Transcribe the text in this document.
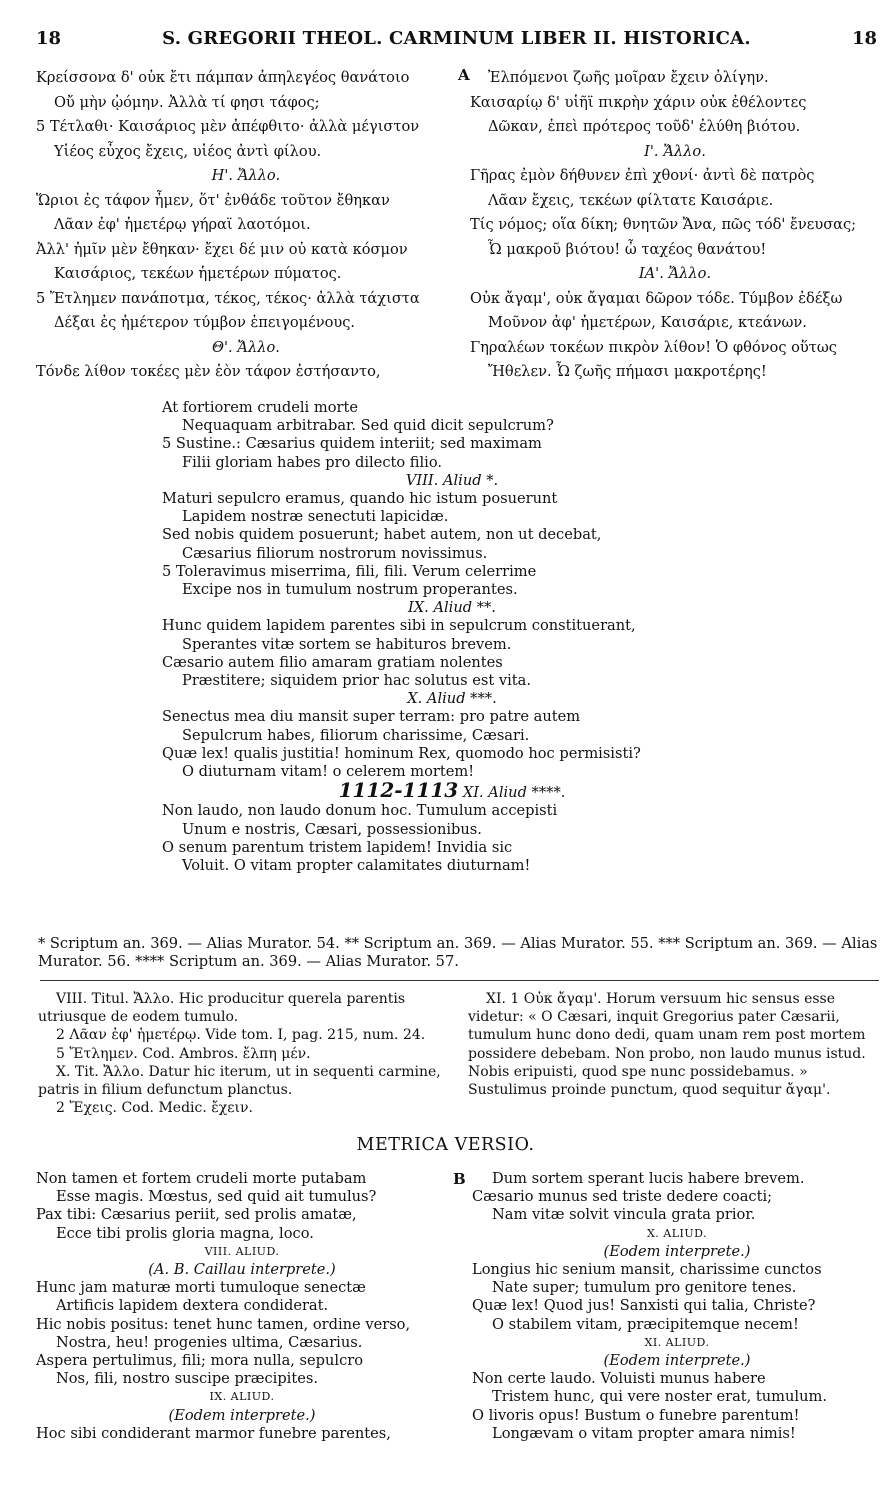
18	S. GREGORII THEOL. CARMINUM LIBER II. HISTORICA.	18
Κρείσσονα δ' οὐκ ἔτι πάμπαν ἀπηλεγέος θανάτοιο
Οὔ μὴν ᾠόμην. Ἀλλὰ τί φησι τάφος;
5 Τέτλαθι· Καισάριος μὲν ἀπέφθιτο· ἀλλὰ μέγιστον
Υἱέος εὖχος ἔχεις, υἱέος ἀντὶ φίλου.
Η'. Ἄλλο.
Ὥριοι ἐς τάφον ἦμεν, ὅτ' ἐνθάδε τοῦτον ἔθηκαν
Λᾶαν ἐφ' ἡμετέρῳ γήραϊ λαοτόμοι.
Ἀλλ' ἡμῖν μὲν ἔθηκαν· ἔχει δέ μιν οὐ κατὰ κόσμον
Καισάριος, τεκέων ἡμετέρων πύματος.
5 Ἔτλημεν πανάποτμα, τέκος, τέκος· ἀλλὰ τάχιστα
Δέξαι ἐς ἡμέτερον τύμβον ἐπειγομένους.
Θ'. Ἄλλο.
Τόνδε λίθον τοκέες μὲν ἑὸν τάφον ἐστήσαντο,
A	Ἐλπόμενοι ζωῆς μοῖραν ἔχειν ὀλίγην.
Καισαρίῳ δ' υἱῆϊ πικρὴν χάριν οὐκ ἐθέλοντες
Δῶκαν, ἐπεὶ πρότερος τοῦδ' ἐλύθη βιότου.
Ι'. Ἄλλο.
Γῆρας ἐμὸν δήθυνεν ἐπὶ χθονί· ἀντὶ δὲ πατρὸς
Λᾶαν ἔχεις, τεκέων φίλτατε Καισάριε.
Τίς νόμος; οἵα δίκη; θνητῶν Ἄνα, πῶς τόδ' ἔνευσας;
Ὦ μακροῦ βιότου! ὦ ταχέος θανάτου!
ΙΑ'. Ἄλλο.
Οὐκ ἄγαμ', οὐκ ἄγαμαι δῶρον τόδε. Τύμβον ἐδέξω
Μοῦνον ἀφ' ἡμετέρων, Καισάριε, κτεάνων.
Γηραλέων τοκέων πικρὸν λίθον! Ὁ φθόνος οὕτως
Ἤθελεν. Ὦ ζωῆς πήμασι μακροτέρης!
At fortiorem crudeli morte
Nequaquam arbitrabar. Sed quid dicit sepulcrum?
5 Sustine.: Cæsarius quidem interiit; sed maximam
Filii gloriam habes pro dilecto filio.
VIII. Aliud *.
Maturi sepulcro eramus, quando hic istum posuerunt
Lapidem nostræ senectuti lapicidæ.
Sed nobis quidem posuerunt; habet autem, non ut decebat,
Cæsarius filiorum nostrorum novissimus.
5 Toleravimus miserrima, fili, fili. Verum celerrime
Excipe nos in tumulum nostrum properantes.
IX. Aliud **.
Hunc quidem lapidem parentes sibi in sepulcrum constituerant,
Sperantes vitæ sortem se habituros brevem.
Cæsario autem filio amaram gratiam nolentes
Præstitere; siquidem prior hac solutus est vita.
X. Aliud ***.
Senectus mea diu mansit super terram: pro patre autem
Sepulcrum habes, filiorum charissime, Cæsari.
Quæ lex! qualis justitia! hominum Rex, quomodo hoc permisisti?
O diuturnam vitam! o celerem mortem!
1112-1113 XI. Aliud ****.
Non laudo, non laudo donum hoc. Tumulum accepisti
Unum e nostris, Cæsari, possessionibus.
O senum parentum tristem lapidem! Invidia sic
Voluit. O vitam propter calamitates diuturnam!
* Scriptum an. 369. — Alias Murator. 54. ** Scriptum an. 369. — Alias Murator. 55. *** Scriptum an. 369. — Alias Murator. 56. **** Scriptum an. 369. — Alias Murator. 57.
VIII. Titul. Ἄλλο. Hic producitur querela parentis utriusque de eodem tumulo.
2 Λᾶαν ἐφ' ἡμετέρῳ. Vide tom. I, pag. 215, num. 24.
5 Ἔτλημεν. Cod. Ambros. ἔλπη μέν.
X. Tit. Ἄλλο. Datur hic iterum, ut in sequenti carmine, patris in filium defunctum planctus.
2 Ἔχεις. Cod. Medic. ἔχειν.
XI. 1 Οὐκ ἄγαμ'. Horum versuum hic sensus esse videtur: « O Cæsari, inquit Gregorius pater Cæsarii, tumulum hunc dono dedi, quam unam rem post mortem possidere debebam. Non probo, non laudo munus istud. Nobis eripuisti, quod spe nunc possidebamus. » Sustulimus proinde punctum, quod sequitur ἄγαμ'.
METRICA VERSIO.
Non tamen et fortem crudeli morte putabam
Esse magis. Mœstus, sed quid ait tumulus?
Pax tibi: Cæsarius periit, sed prolis amatæ,
Ecce tibi prolis gloria magna, loco.
VIII. ALIUD.
(A. B. Caillau interprete.)
Hunc jam maturæ morti tumuloque senectæ
Artificis lapidem dextera condiderat.
Hic nobis positus: tenet hunc tamen, ordine verso,
Nostra, heu! progenies ultima, Cæsarius.
Aspera pertulimus, fili; mora nulla, sepulcro
Nos, fili, nostro suscipe præcipites.
IX. ALIUD.
(Eodem interprete.)
Hoc sibi condiderant marmor funebre parentes,
B	Dum sortem sperant lucis habere brevem.
Cæsario munus sed triste dedere coacti;
Nam vitæ solvit vincula grata prior.
X. ALIUD.
(Eodem interprete.)
Longius hic senium mansit, charissime cunctos
Nate super; tumulum pro genitore tenes.
Quæ lex! Quod jus! Sanxisti qui talia, Christe?
O stabilem vitam, præcipitemque necem!
XI. ALIUD.
(Eodem interprete.)
Non certe laudo. Voluisti munus habere
Tristem hunc, qui vere noster erat, tumulum.
O livoris opus! Bustum o funebre parentum!
Longævam o vitam propter amara nimis!
